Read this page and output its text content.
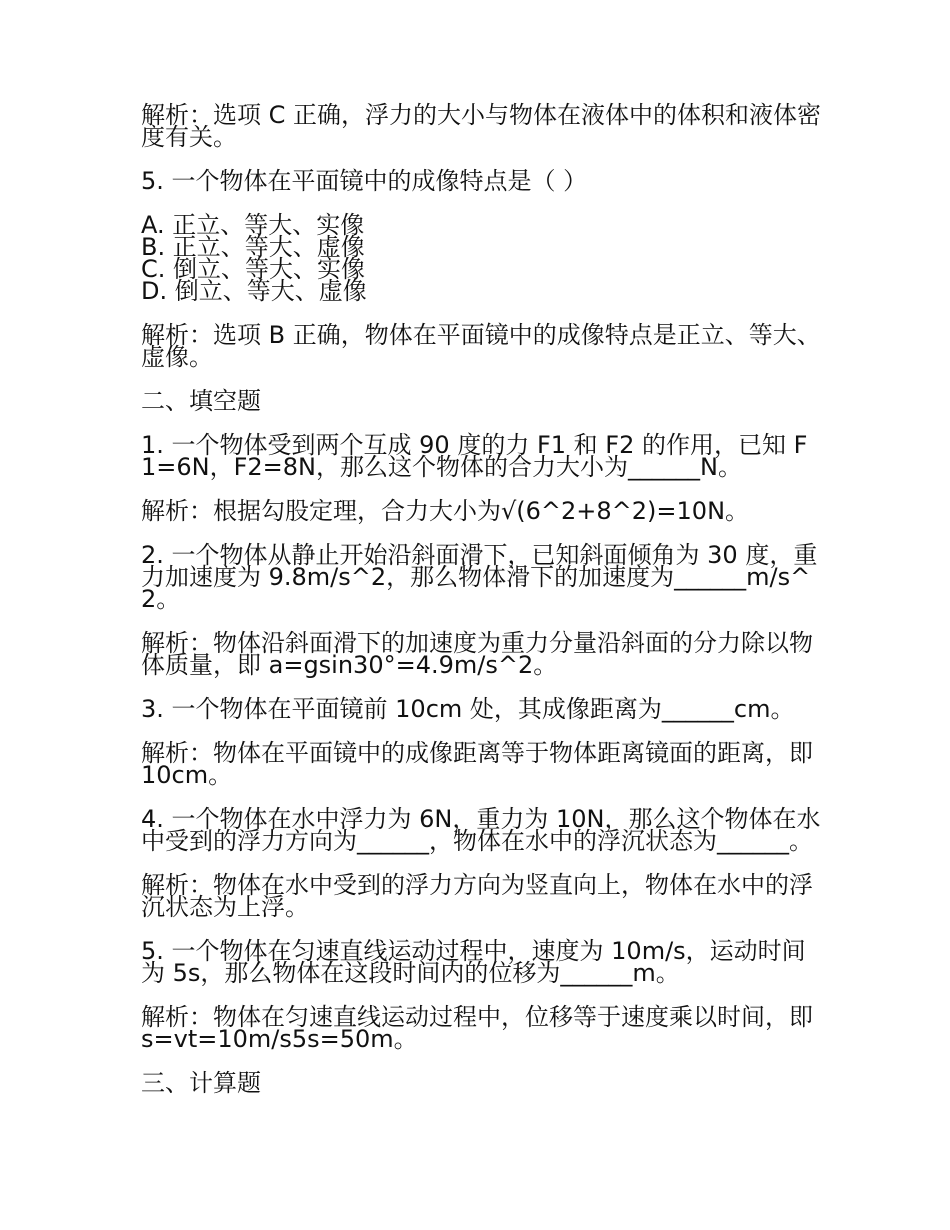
解析：选项 C 正确，浮力的大小与物体在液体中的体积和液体密度有关。

5. 一个物体在平面镜中的成像特点是（ ）

A. 正立、等大、实像

B. 正立、等大、虚像

C. 倒立、等大、实像

D. 倒立、等大、虚像

解析：选项 B 正确，物体在平面镜中的成像特点是正立、等大、虚像。

二、填空题

1. 一个物体受到两个互成 90 度的力 F1 和 F2 的作用，已知 F1=6N，F2=8N，那么这个物体的合力大小为______N。

解析：根据勾股定理，合力大小为√(6^2+8^2)=10N。

2. 一个物体从静止开始沿斜面滑下，已知斜面倾角为 30 度，重力加速度为 9.8m/s^2，那么物体滑下的加速度为______m/s^2。

解析：物体沿斜面滑下的加速度为重力分量沿斜面的分力除以物体质量，即 a=gsin30°=4.9m/s^2。

3. 一个物体在平面镜前 10cm 处，其成像距离为______cm。

解析：物体在平面镜中的成像距离等于物体距离镜面的距离，即 10cm。

4. 一个物体在水中浮力为 6N，重力为 10N，那么这个物体在水中受到的浮力方向为______，物体在水中的浮沉状态为______。

解析：物体在水中受到的浮力方向为竖直向上，物体在水中的浮沉状态为上浮。

5. 一个物体在匀速直线运动过程中，速度为 10m/s，运动时间为 5s，那么物体在这段时间内的位移为______m。

解析：物体在匀速直线运动过程中，位移等于速度乘以时间，即 s=vt=10m/s5s=50m。

三、计算题
